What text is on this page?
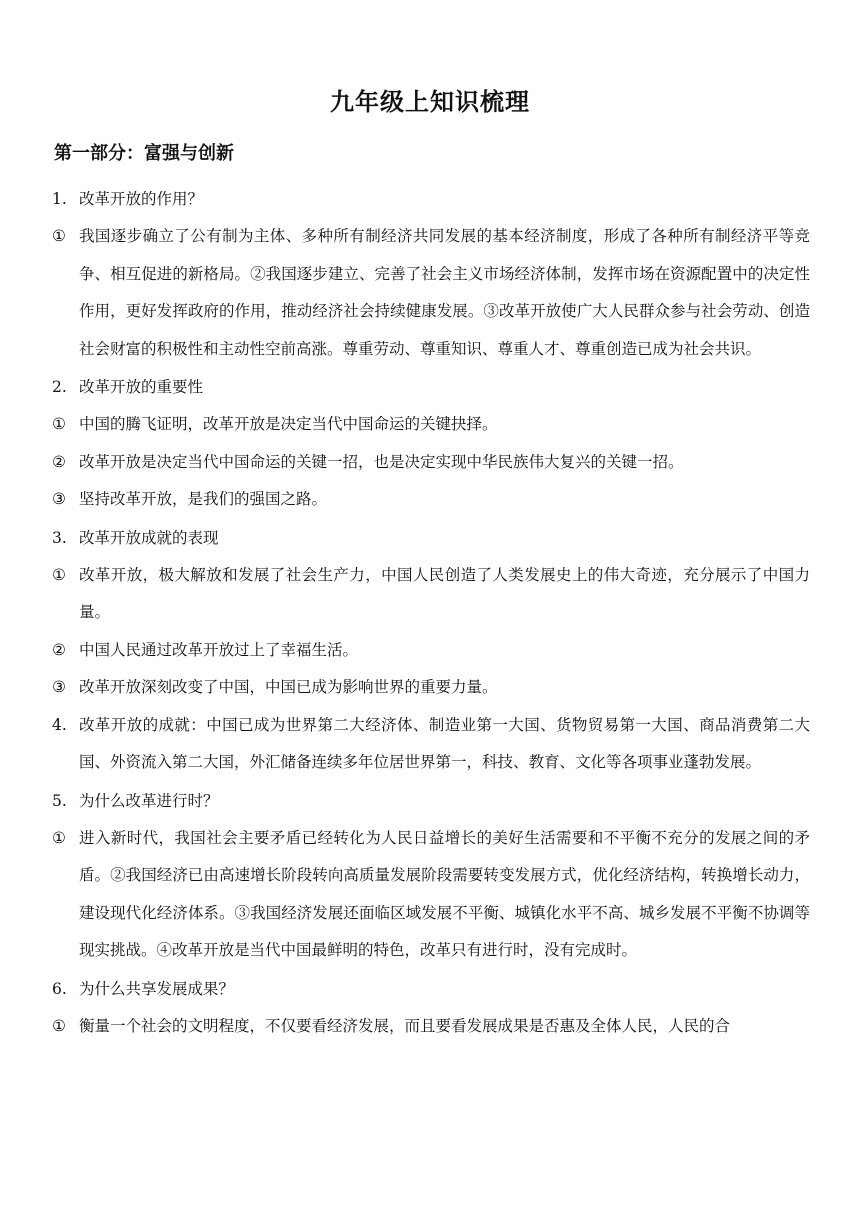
九年级上知识梳理
第一部分：富强与创新
1. 改革开放的作用？
① 我国逐步确立了公有制为主体、多种所有制经济共同发展的基本经济制度，形成了各种所有制经济平等竞争、相互促进的新格局。②我国逐步建立、完善了社会主义市场经济体制，发挥市场在资源配置中的决定性作用，更好发挥政府的作用，推动经济社会持续健康发展。③改革开放使广大人民群众参与社会劳动、创造社会财富的积极性和主动性空前高涨。尊重劳动、尊重知识、尊重人才、尊重创造已成为社会共识。
2. 改革开放的重要性
① 中国的腾飞证明，改革开放是决定当代中国命运的关键抉择。
② 改革开放是决定当代中国命运的关键一招，也是决定实现中华民族伟大复兴的关键一招。
③ 坚持改革开放，是我们的强国之路。
3. 改革开放成就的表现
① 改革开放，极大解放和发展了社会生产力，中国人民创造了人类发展史上的伟大奇迹，充分展示了中国力量。
② 中国人民通过改革开放过上了幸福生活。
③ 改革开放深刻改变了中国，中国已成为影响世界的重要力量。
4. 改革开放的成就：中国已成为世界第二大经济体、制造业第一大国、货物贸易第一大国、商品消费第二大国、外资流入第二大国，外汇储备连续多年位居世界第一，科技、教育、文化等各项事业蓬勃发展。
5. 为什么改革进行时？
① 进入新时代，我国社会主要矛盾已经转化为人民日益增长的美好生活需要和不平衡不充分的发展之间的矛盾。②我国经济已由高速增长阶段转向高质量发展阶段需要转变发展方式，优化经济结构，转换增长动力，建设现代化经济体系。③我国经济发展还面临区域发展不平衡、城镇化水平不高、城乡发展不平衡不协调等现实挑战。④改革开放是当代中国最鲜明的特色，改革只有进行时，没有完成时。
6. 为什么共享发展成果？
① 衡量一个社会的文明程度，不仅要看经济发展，而且要看发展成果是否惠及全体人民，人民的合
